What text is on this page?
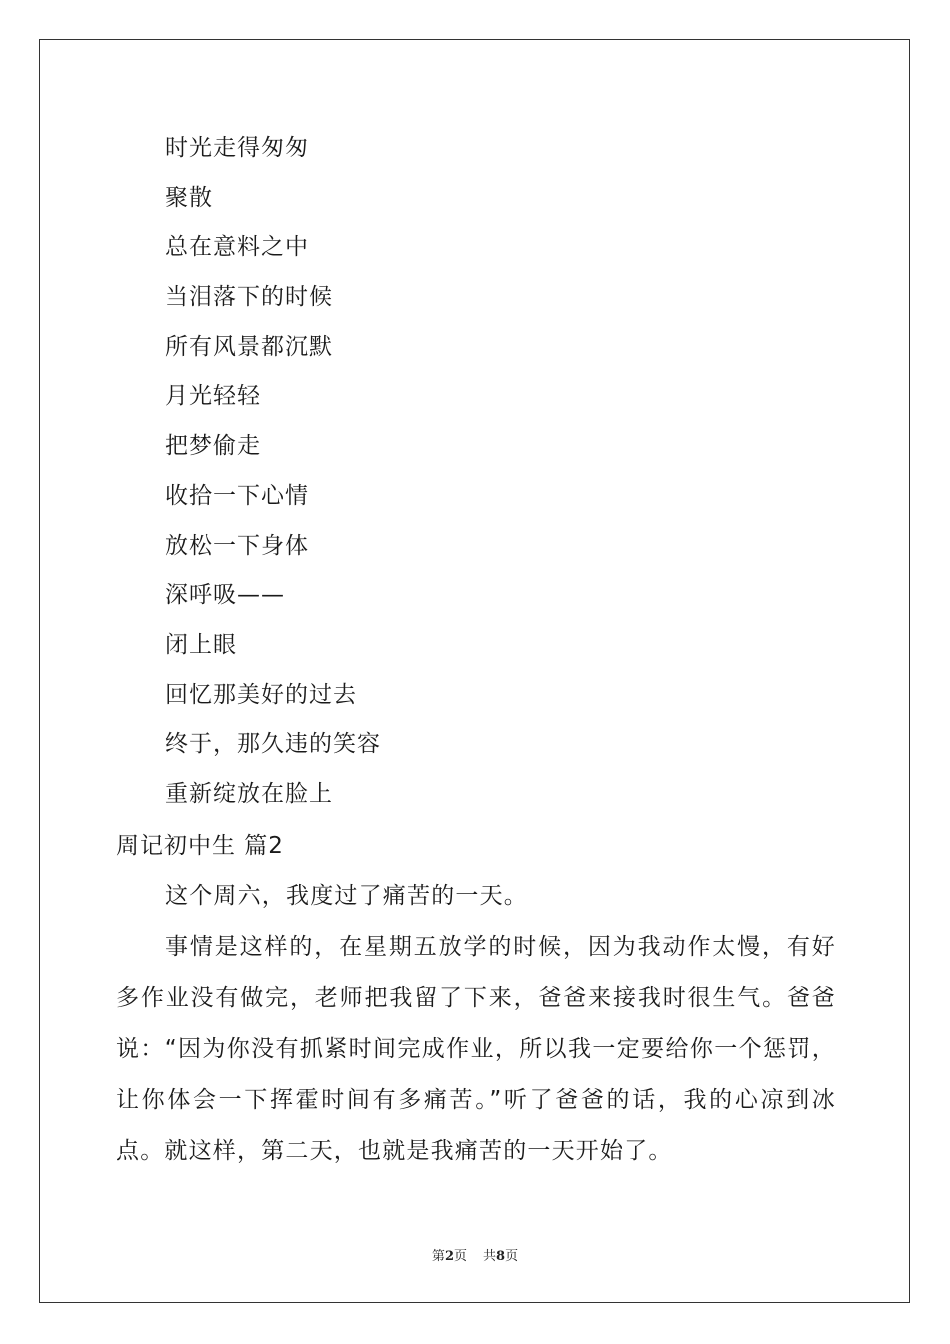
时光走得匆匆
聚散
总在意料之中
当泪落下的时候
所有风景都沉默
月光轻轻
把梦偷走
收拾一下心情
放松一下身体
深呼吸——
闭上眼
回忆那美好的过去
终于，那久违的笑容
重新绽放在脸上
周记初中生 篇2

这个周六，我度过了痛苦的一天。

事情是这样的，在星期五放学的时候，因为我动作太慢，有好多作业没有做完，老师把我留了下来，爸爸来接我时很生气。爸爸说：“因为你没有抓紧时间完成作业，所以我一定要给你一个惩罚，让你体会一下挥霍时间有多痛苦。”听了爸爸的话，我的心凉到冰点。就这样，第二天，也就是我痛苦的一天开始了。

第2页 共8页
